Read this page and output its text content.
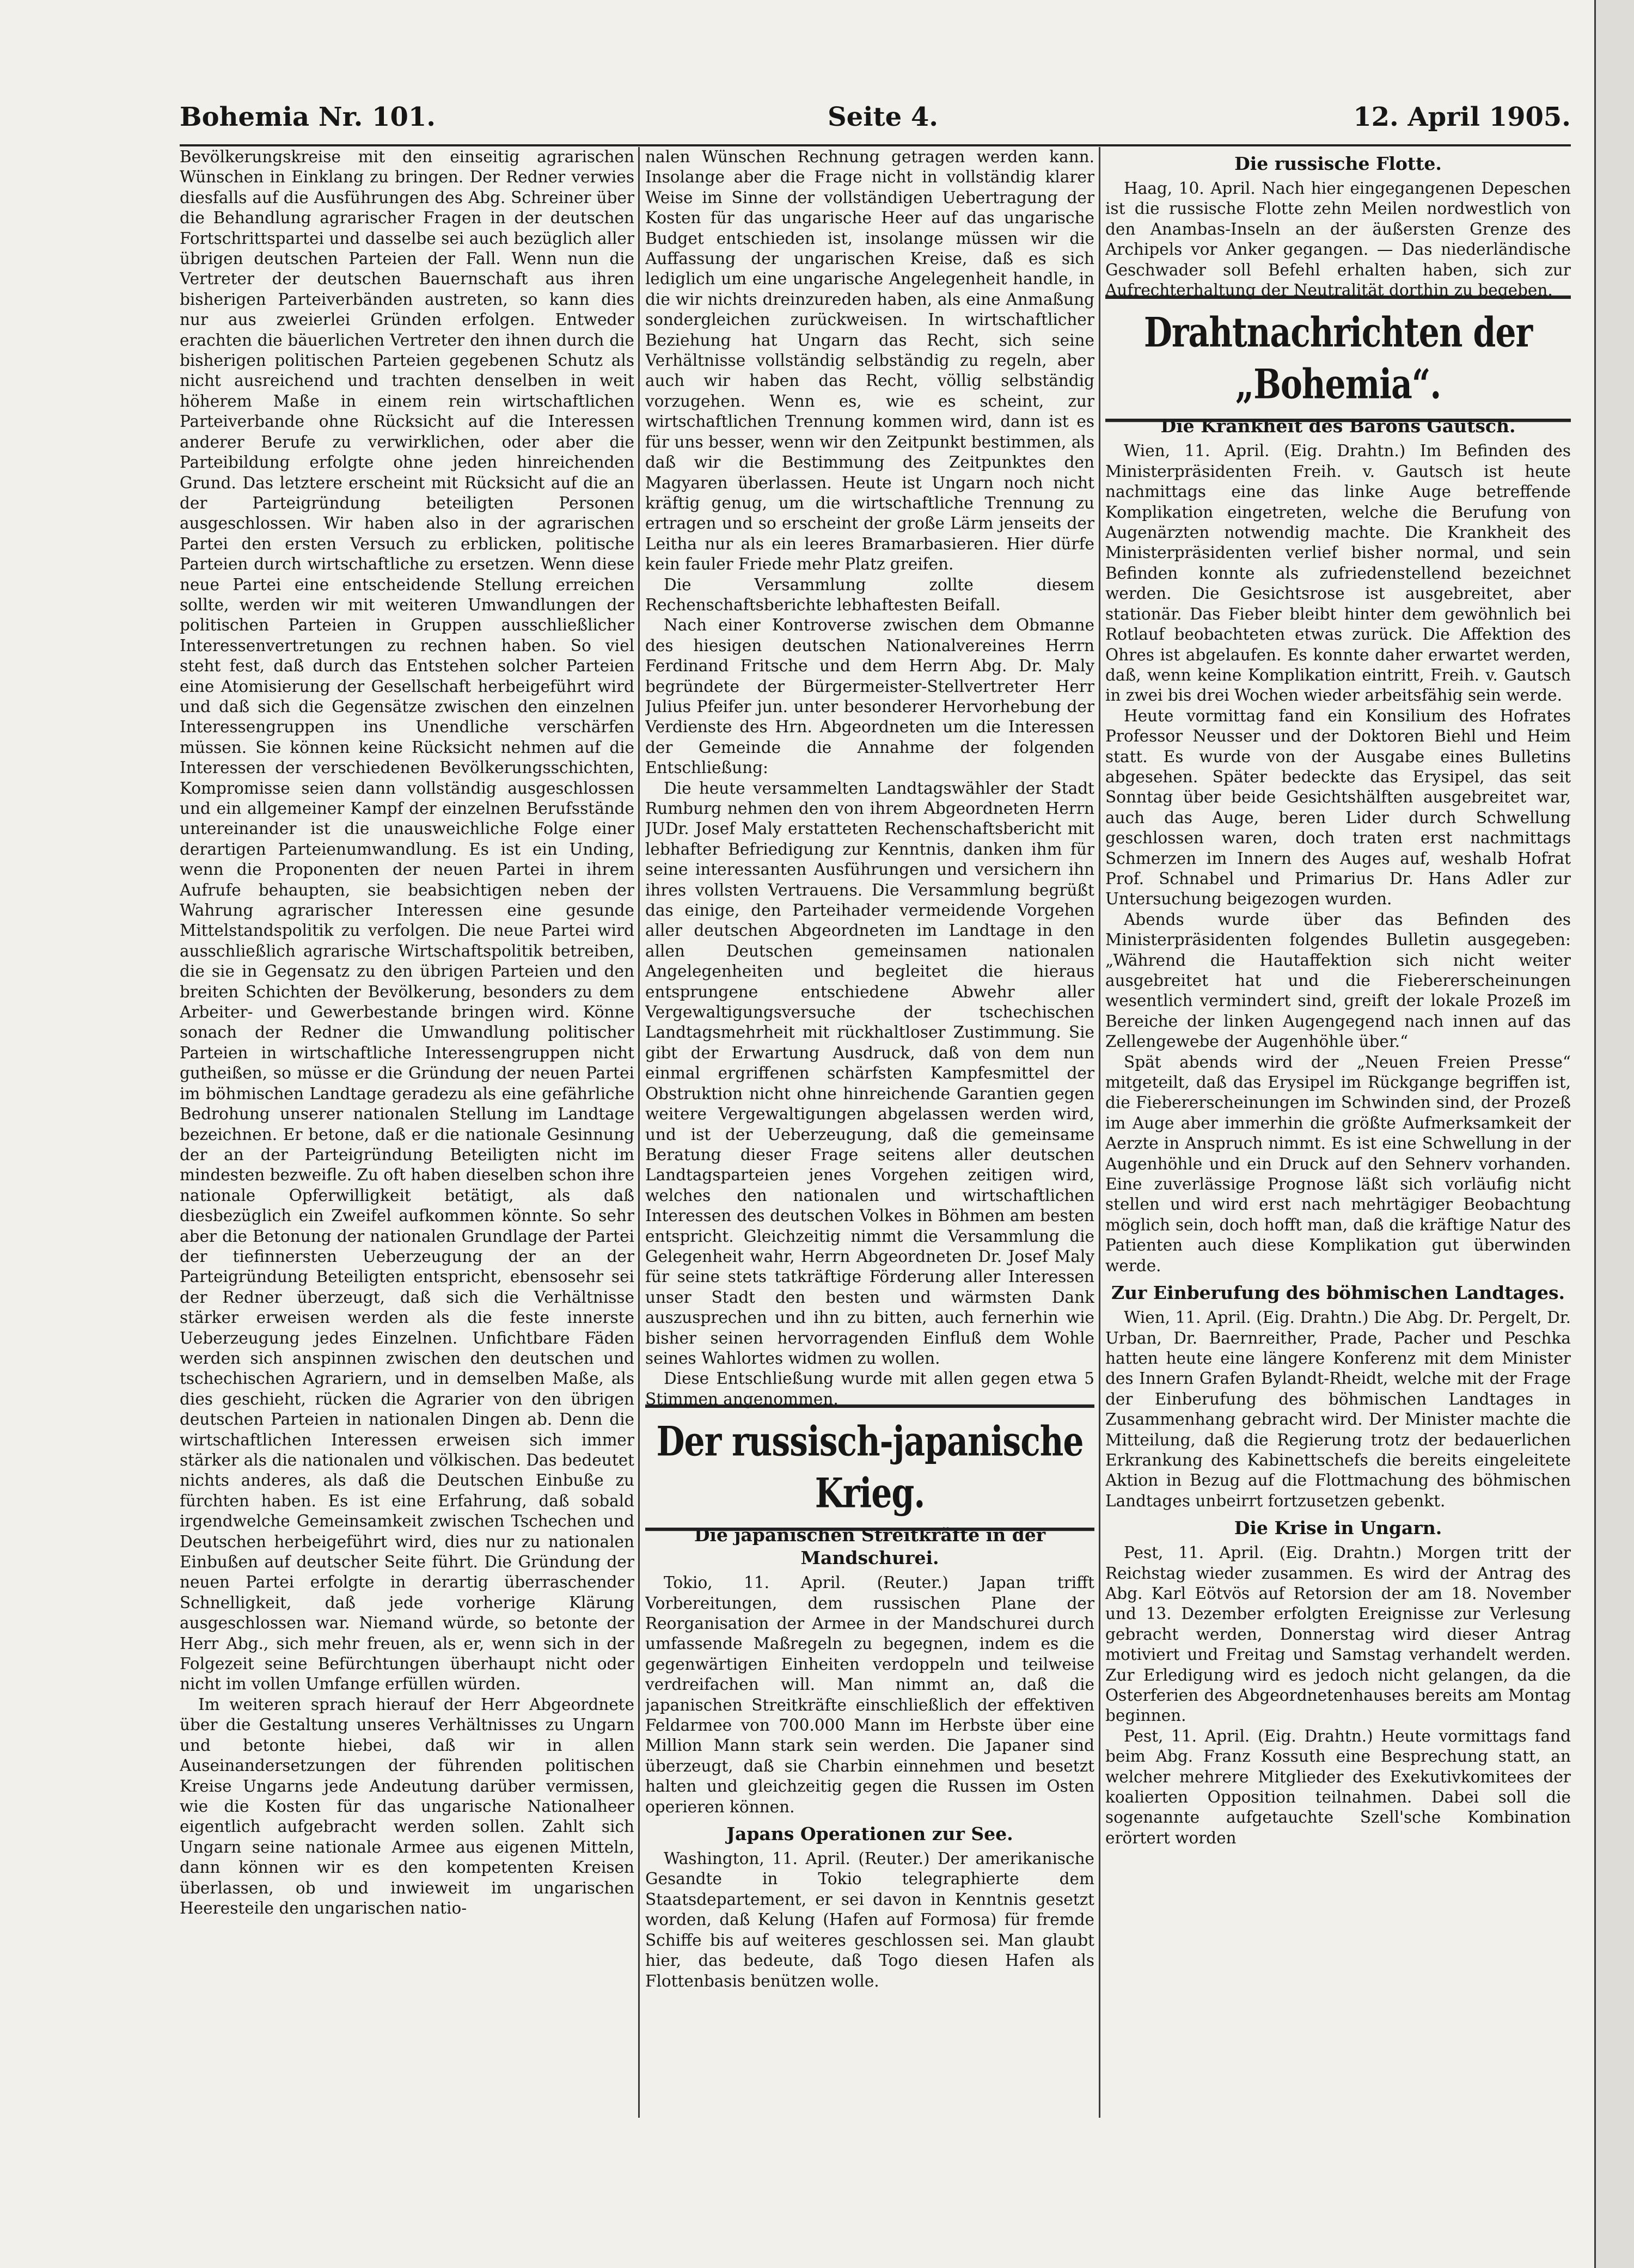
Bohemia Nr. 101.	Seite 4.	12. April 1905.

Bevölkerungskreise mit den einseitig agrarischen Wünschen in Einklang zu bringen. Der Redner verwies diesfalls auf die Ausführungen des Abg. Schreiner über die Behandlung agrarischer Fragen in der deutschen Fortschrittspartei und dasselbe sei auch bezüglich aller übrigen deutschen Parteien der Fall. Wenn nun die Vertreter der deutschen Bauernschaft aus ihren bisherigen Parteiverbänden austreten, so kann dies nur aus zweierlei Gründen erfolgen. Entweder erachten die bäuerlichen Vertreter den ihnen durch die bisherigen politischen Parteien gegebenen Schutz als nicht ausreichend und trachten denselben in weit höherem Maße in einem rein wirtschaftlichen Parteiverbande ohne Rücksicht auf die Interessen anderer Berufe zu verwirklichen, oder aber die Parteibildung erfolgte ohne jeden hinreichenden Grund. Das letztere erscheint mit Rücksicht auf die an der Parteigründung beteiligten Personen ausgeschlossen. Wir haben also in der agrarischen Partei den ersten Versuch zu erblicken, politische Parteien durch wirtschaftliche zu ersetzen. Wenn diese neue Partei eine entscheidende Stellung erreichen sollte, werden wir mit weiteren Umwandlungen der politischen Parteien in Gruppen ausschließlicher Interessenvertretungen zu rechnen haben. So viel steht fest, daß durch das Entstehen solcher Parteien eine Atomisierung der Gesellschaft herbeigeführt wird und daß sich die Gegensätze zwischen den einzelnen Interessengruppen ins Unendliche verschärfen müssen. Sie können keine Rücksicht nehmen auf die Interessen der verschiedenen Bevölkerungsschichten, Kompromisse seien dann vollständig ausgeschlossen und ein allgemeiner Kampf der einzelnen Berufsstände untereinander ist die unausweichliche Folge einer derartigen Parteienumwandlung. Es ist ein Unding, wenn die Proponenten der neuen Partei in ihrem Aufrufe behaupten, sie beabsichtigen neben der Wahrung agrarischer Interessen eine gesunde Mittelstandspolitik zu verfolgen. Die neue Partei wird ausschließlich agrarische Wirtschaftspolitik betreiben, die sie in Gegensatz zu den übrigen Parteien und den breiten Schichten der Bevölkerung, besonders zu dem Arbeiter- und Gewerbestande bringen wird. Könne sonach der Redner die Umwandlung politischer Parteien in wirtschaftliche Interessengruppen nicht gutheißen, so müsse er die Gründung der neuen Partei im böhmischen Landtage geradezu als eine gefährliche Bedrohung unserer nationalen Stellung im Landtage bezeichnen. Er betone, daß er die nationale Gesinnung der an der Parteigründung Beteiligten nicht im mindesten bezweifle. Zu oft haben dieselben schon ihre nationale Opferwilligkeit betätigt, als daß diesbezüglich ein Zweifel aufkommen könnte. So sehr aber die Betonung der nationalen Grundlage der Partei der tiefinnersten Ueberzeugung der an der Parteigründung Beteiligten entspricht, ebensosehr sei der Redner überzeugt, daß sich die Verhältnisse stärker erweisen werden als die feste innerste Ueberzeugung jedes Einzelnen. Unfichtbare Fäden werden sich anspinnen zwischen den deutschen und tschechischen Agrariern, und in demselben Maße, als dies geschieht, rücken die Agrarier von den übrigen deutschen Parteien in nationalen Dingen ab. Denn die wirtschaftlichen Interessen erweisen sich immer stärker als die nationalen und völkischen. Das bedeutet nichts anderes, als daß die Deutschen Einbuße zu fürchten haben. Es ist eine Erfahrung, daß sobald irgendwelche Gemeinsamkeit zwischen Tschechen und Deutschen herbeigeführt wird, dies nur zu nationalen Einbußen auf deutscher Seite führt. Die Gründung der neuen Partei erfolgte in derartig überraschender Schnelligkeit, daß jede vorherige Klärung ausgeschlossen war. Niemand würde, so betonte der Herr Abg., sich mehr freuen, als er, wenn sich in der Folgezeit seine Befürchtungen überhaupt nicht oder nicht im vollen Umfange erfüllen würden.

Im weiteren sprach hierauf der Herr Abgeordnete über die Gestaltung unseres Verhältnisses zu Ungarn und betonte hiebei, daß wir in allen Auseinandersetzungen der führenden politischen Kreise Ungarns jede Andeutung darüber vermissen, wie die Kosten für das ungarische Nationalheer eigentlich aufgebracht werden sollen. Zahlt sich Ungarn seine nationale Armee aus eigenen Mitteln, dann können wir es den kompetenten Kreisen überlassen, ob und inwieweit im ungarischen Heeresteile den ungarischen natio-

nalen Wünschen Rechnung getragen werden kann. Insolange aber die Frage nicht in vollständig klarer Weise im Sinne der vollständigen Uebertragung der Kosten für das ungarische Heer auf das ungarische Budget entschieden ist, insolange müssen wir die Auffassung der ungarischen Kreise, daß es sich lediglich um eine ungarische Angelegenheit handle, in die wir nichts dreinzureden haben, als eine Anmaßung sondergleichen zurückweisen. In wirtschaftlicher Beziehung hat Ungarn das Recht, sich seine Verhältnisse vollständig selbständig zu regeln, aber auch wir haben das Recht, völlig selbständig vorzugehen. Wenn es, wie es scheint, zur wirtschaftlichen Trennung kommen wird, dann ist es für uns besser, wenn wir den Zeitpunkt bestimmen, als daß wir die Bestimmung des Zeitpunktes den Magyaren überlassen. Heute ist Ungarn noch nicht kräftig genug, um die wirtschaftliche Trennung zu ertragen und so erscheint der große Lärm jenseits der Leitha nur als ein leeres Bramarbasieren. Hier dürfe kein fauler Friede mehr Platz greifen.

Die Versammlung zollte diesem Rechenschaftsberichte lebhaftesten Beifall.

Nach einer Kontroverse zwischen dem Obmanne des hiesigen deutschen Nationalvereines Herrn Ferdinand Fritsche und dem Herrn Abg. Dr. Maly begründete der Bürgermeister-Stellvertreter Herr Julius Pfeifer jun. unter besonderer Hervorhebung der Verdienste des Hrn. Abgeordneten um die Interessen der Gemeinde die Annahme der folgenden Entschließung:

Die heute versammelten Landtagswähler der Stadt Rumburg nehmen den von ihrem Abgeordneten Herrn JUDr. Josef Maly erstatteten Rechenschaftsbericht mit lebhafter Befriedigung zur Kenntnis, danken ihm für seine interessanten Ausführungen und versichern ihn ihres vollsten Vertrauens. Die Versammlung begrüßt das einige, den Parteihader vermeidende Vorgehen aller deutschen Abgeordneten im Landtage in den allen Deutschen gemeinsamen nationalen Angelegenheiten und begleitet die hieraus entsprungene entschiedene Abwehr aller Vergewaltigungsversuche der tschechischen Landtagsmehrheit mit rückhaltloser Zustimmung. Sie gibt der Erwartung Ausdruck, daß von dem nun einmal ergriffenen schärfsten Kampfesmittel der Obstruktion nicht ohne hinreichende Garantien gegen weitere Vergewaltigungen abgelassen werden wird, und ist der Ueberzeugung, daß die gemeinsame Beratung dieser Frage seitens aller deutschen Landtagsparteien jenes Vorgehen zeitigen wird, welches den nationalen und wirtschaftlichen Interessen des deutschen Volkes in Böhmen am besten entspricht. Gleichzeitig nimmt die Versammlung die Gelegenheit wahr, Herrn Abgeordneten Dr. Josef Maly für seine stets tatkräftige Förderung aller Interessen unser Stadt den besten und wärmsten Dank auszusprechen und ihn zu bitten, auch fernerhin wie bisher seinen hervorragenden Einfluß dem Wohle seines Wahlortes widmen zu wollen.

Diese Entschließung wurde mit allen gegen etwa 5 Stimmen angenommen.

Der russisch-japanische Krieg.
Die japanischen Streitkräfte in der Mandschurei.

Tokio, 11. April. (Reuter.) Japan trifft Vorbereitungen, dem russischen Plane der Reorganisation der Armee in der Mandschurei durch umfassende Maßregeln zu begegnen, indem es die gegenwärtigen Einheiten verdoppeln und teilweise verdreifachen will. Man nimmt an, daß die japanischen Streitkräfte einschließlich der effektiven Feldarmee von 700.000 Mann im Herbste über eine Million Mann stark sein werden. Die Japaner sind überzeugt, daß sie Charbin einnehmen und besetzt halten und gleichzeitig gegen die Russen im Osten operieren können.

Japans Operationen zur See.

Washington, 11. April. (Reuter.) Der amerikanische Gesandte in Tokio telegraphierte dem Staatsdepartement, er sei davon in Kenntnis gesetzt worden, daß Kelung (Hafen auf Formosa) für fremde Schiffe bis auf weiteres geschlossen sei. Man glaubt hier, das bedeute, daß Togo diesen Hafen als Flottenbasis benützen wolle.

Die russische Flotte.

Haag, 10. April. Nach hier eingegangenen Depeschen ist die russische Flotte zehn Meilen nordwestlich von den Anambas-Inseln an der äußersten Grenze des Archipels vor Anker gegangen. — Das niederländische Geschwader soll Befehl erhalten haben, sich zur Aufrechterhaltung der Neutralität dorthin zu begeben.

Drahtnachrichten der „Bohemia“.
Die Krankheit des Barons Gautsch.

Wien, 11. April. (Eig. Drahtn.) Im Befinden des Ministerpräsidenten Freih. v. Gautsch ist heute nachmittags eine das linke Auge betreffende Komplikation eingetreten, welche die Berufung von Augenärzten notwendig machte. Die Krankheit des Ministerpräsidenten verlief bisher normal, und sein Befinden konnte als zufriedenstellend bezeichnet werden. Die Gesichtsrose ist ausgebreitet, aber stationär. Das Fieber bleibt hinter dem gewöhnlich bei Rotlauf beobachteten etwas zurück. Die Affektion des Ohres ist abgelaufen. Es konnte daher erwartet werden, daß, wenn keine Komplikation eintritt, Freih. v. Gautsch in zwei bis drei Wochen wieder arbeitsfähig sein werde.

Heute vormittag fand ein Konsilium des Hofrates Professor Neusser und der Doktoren Biehl und Heim statt. Es wurde von der Ausgabe eines Bulletins abgesehen. Später bedeckte das Erysipel, das seit Sonntag über beide Gesichtshälften ausgebreitet war, auch das Auge, beren Lider durch Schwellung geschlossen waren, doch traten erst nachmittags Schmerzen im Innern des Auges auf, weshalb Hofrat Prof. Schnabel und Primarius Dr. Hans Adler zur Untersuchung beigezogen wurden.

Abends wurde über das Befinden des Ministerpräsidenten folgendes Bulletin ausgegeben: „Während die Hautaffektion sich nicht weiter ausgebreitet hat und die Fiebererscheinungen wesentlich vermindert sind, greift der lokale Prozeß im Bereiche der linken Augengegend nach innen auf das Zellengewebe der Augenhöhle über.“

Spät abends wird der „Neuen Freien Presse“ mitgeteilt, daß das Erysipel im Rückgange begriffen ist, die Fiebererscheinungen im Schwinden sind, der Prozeß im Auge aber immerhin die größte Aufmerksamkeit der Aerzte in Anspruch nimmt. Es ist eine Schwellung in der Augenhöhle und ein Druck auf den Sehnerv vorhanden. Eine zuverlässige Prognose läßt sich vorläufig nicht stellen und wird erst nach mehrtägiger Beobachtung möglich sein, doch hofft man, daß die kräftige Natur des Patienten auch diese Komplikation gut überwinden werde.

Zur Einberufung des böhmischen Landtages.

Wien, 11. April. (Eig. Drahtn.) Die Abg. Dr. Pergelt, Dr. Urban, Dr. Baernreither, Prade, Pacher und Peschka hatten heute eine längere Konferenz mit dem Minister des Innern Grafen Bylandt-Rheidt, welche mit der Frage der Einberufung des böhmischen Landtages in Zusammenhang gebracht wird. Der Minister machte die Mitteilung, daß die Regierung trotz der bedauerlichen Erkrankung des Kabinettschefs die bereits eingeleitete Aktion in Bezug auf die Flottmachung des böhmischen Landtages unbeirrt fortzusetzen gebenkt.

Die Krise in Ungarn.

Pest, 11. April. (Eig. Drahtn.) Morgen tritt der Reichstag wieder zusammen. Es wird der Antrag des Abg. Karl Eötvös auf Retorsion der am 18. November und 13. Dezember erfolgten Ereignisse zur Verlesung gebracht werden, Donnerstag wird dieser Antrag motiviert und Freitag und Samstag verhandelt werden. Zur Erledigung wird es jedoch nicht gelangen, da die Osterferien des Abgeordnetenhauses bereits am Montag beginnen.

Pest, 11. April. (Eig. Drahtn.) Heute vormittags fand beim Abg. Franz Kossuth eine Besprechung statt, an welcher mehrere Mitglieder des Exekutivkomitees der koalierten Opposition teilnahmen. Dabei soll die sogenannte aufgetauchte Szell'sche Kombination erörtert worden
